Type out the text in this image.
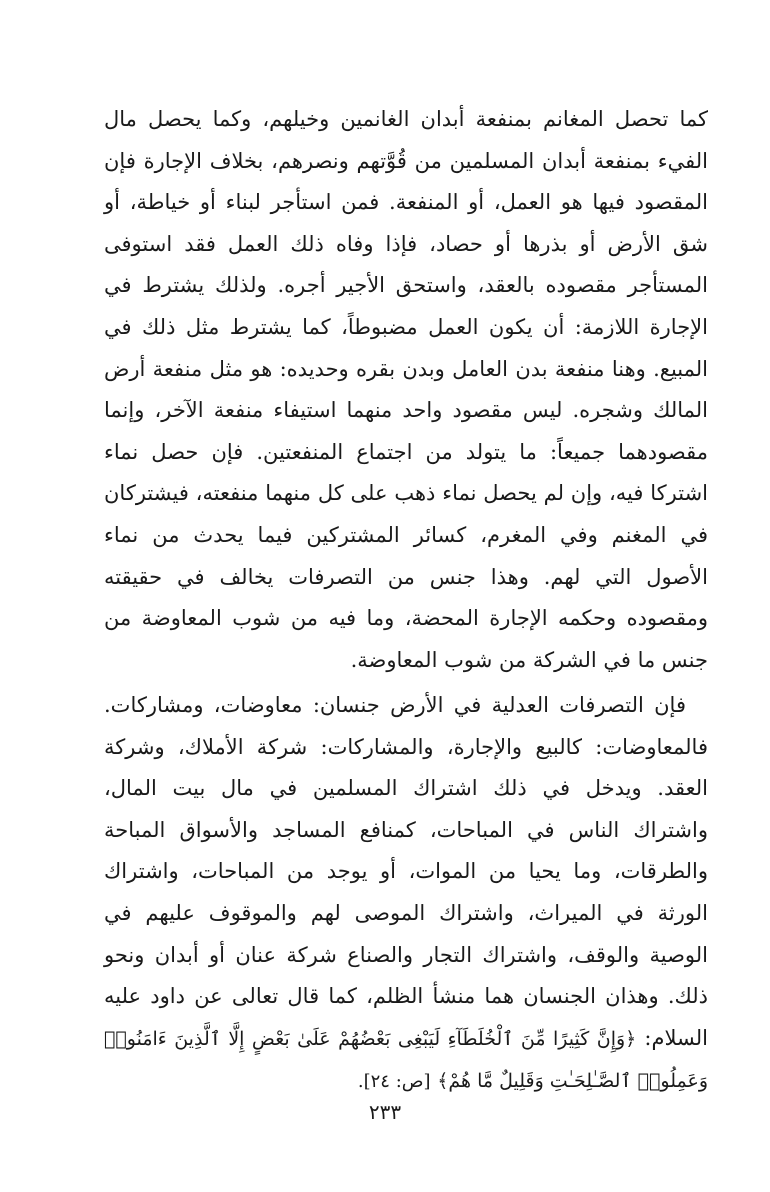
كما تحصل المغانم بمنفعة أبدان الغانمين وخيلهم، وكما يحصل مال الفيء بمنفعة أبدان المسلمين من قُوَّتهم ونصرهم، بخلاف الإجارة فإن المقصود فيها هو العمل، أو المنفعة. فمن استأجر لبناء أو خياطة، أو شق الأرض أو بذرها أو حصاد، فإذا وفاه ذلك العمل فقد استوفى المستأجر مقصوده بالعقد، واستحق الأجير أجره. ولذلك يشترط في الإجارة اللازمة: أن يكون العمل مضبوطاً، كما يشترط مثل ذلك في المبيع. وهنا منفعة بدن العامل وبدن بقره وحديده: هو مثل منفعة أرض المالك وشجره. ليس مقصود واحد منهما استيفاء منفعة الآخر، وإنما مقصودهما جميعاً: ما يتولد من اجتماع المنفعتين. فإن حصل نماء اشتركا فيه، وإن لم يحصل نماء ذهب على كل منهما منفعته، فيشتركان في المغنم وفي المغرم، كسائر المشتركين فيما يحدث من نماء الأصول التي لهم. وهذا جنس من التصرفات يخالف في حقيقته ومقصوده وحكمه الإجارة المحضة، وما فيه من شوب المعاوضة من جنس ما في الشركة من شوب المعاوضة.

فإن التصرفات العدلية في الأرض جنسان: معاوضات، ومشاركات. فالمعاوضات: كالبيع والإجارة، والمشاركات: شركة الأملاك، وشركة العقد. ويدخل في ذلك اشتراك المسلمين في مال بيت المال، واشتراك الناس في المباحات، كمنافع المساجد والأسواق المباحة والطرقات، وما يحيا من الموات، أو يوجد من المباحات، واشتراك الورثة في الميراث، واشتراك الموصى لهم والموقوف عليهم في الوصية والوقف، واشتراك التجار والصناع شركة عنان أو أبدان ونحو ذلك. وهذان الجنسان هما منشأ الظلم، كما قال تعالى عن داود عليه السلام: ﴿وَإِنَّ كَثِيرًا مِّنَ ٱلْخُلَطَآءِ لَيَبْغِى بَعْضُهُمْ عَلَىٰ بَعْضٍ إِلَّا ٱلَّذِينَ ءَامَنُوا۟ وَعَمِلُوا۟ ٱلصَّـٰلِحَـٰتِ وَقَلِيلٌ مَّا هُمْ﴾ [ص: ٢٤].

٢٣٣
